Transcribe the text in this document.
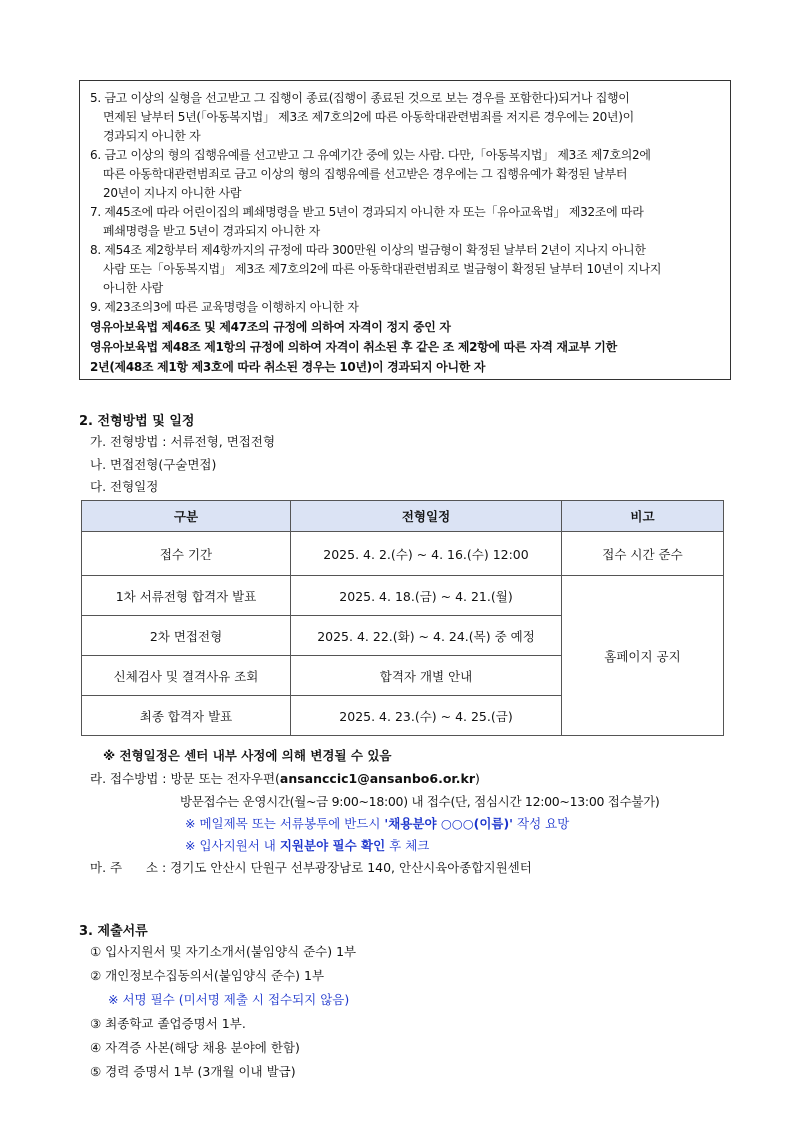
5. 금고 이상의 실형을 선고받고 그 집행이 종료(집행이 종료된 것으로 보는 경우를 포함한다)되거나 집행이
면제된 날부터 5년(「아동복지법」 제3조 제7호의2에 따른 아동학대관련범죄를 저지른 경우에는 20년)이
경과되지 아니한 자
6. 금고 이상의 형의 집행유예를 선고받고 그 유예기간 중에 있는 사람. 다만,「아동복지법」 제3조 제7호의2에
따른 아동학대관련범죄로 금고 이상의 형의 집행유예를 선고받은 경우에는 그 집행유예가 확정된 날부터
20년이 지나지 아니한 사람
7. 제45조에 따라 어린이집의 폐쇄명령을 받고 5년이 경과되지 아니한 자 또는「유아교육법」 제32조에 따라
폐쇄명령을 받고 5년이 경과되지 아니한 자
8. 제54조 제2항부터 제4항까지의 규정에 따라 300만원 이상의 벌금형이 확정된 날부터 2년이 지나지 아니한
사람 또는「아동복지법」 제3조 제7호의2에 따른 아동학대관련범죄로 벌금형이 확정된 날부터 10년이 지나지
아니한 사람
9. 제23조의3에 따른 교육명령을 이행하지 아니한 자
영유아보육법 제46조 및 제47조의 규정에 의하여 자격이 정지 중인 자
영유아보육법 제48조 제1항의 규정에 의하여 자격이 취소된 후 같은 조 제2항에 따른 자격 재교부 기한
2년(제48조 제1항 제3호에 따라 취소된 경우는 10년)이 경과되지 아니한 자
2. 전형방법 및 일정
가. 전형방법 : 서류전형, 면접전형
나. 면접전형(구술면접)
다. 전형일정
구분	전형일정	비고
접수 기간	2025. 4. 2.(수) ~ 4. 16.(수) 12:00	접수 시간 준수
1차 서류전형 합격자 발표	2025. 4. 18.(금) ~ 4. 21.(월)	홈페이지 공지
2차 면접전형	2025. 4. 22.(화) ~ 4. 24.(목) 중 예정	
신체검사 및 결격사유 조회	합격자 개별 안내	
최종 합격자 발표	2025. 4. 23.(수) ~ 4. 25.(금)	
※ 전형일정은 센터 내부 사정에 의해 변경될 수 있음
라. 접수방법 : 방문 또는 전자우편(ansanccic1@ansanbo6.or.kr)
방문접수는 운영시간(월~금 9:00~18:00) 내 접수(단, 점심시간 12:00~13:00 접수불가)
※ 메일제목 또는 서류봉투에 반드시 '채용분야 ○○○(이름)' 작성 요망
※ 입사지원서 내 지원분야 필수 확인 후 체크
마. 주      소 : 경기도 안산시 단원구 선부광장남로 140, 안산시육아종합지원센터
3. 제출서류
① 입사지원서 및 자기소개서(붙임양식 준수) 1부
② 개인정보수집동의서(붙임양식 준수) 1부
※ 서명 필수 (미서명 제출 시 접수되지 않음)
③ 최종학교 졸업증명서 1부.
④ 자격증 사본(해당 채용 분야에 한함)
⑤ 경력 증명서 1부 (3개월 이내 발급)
